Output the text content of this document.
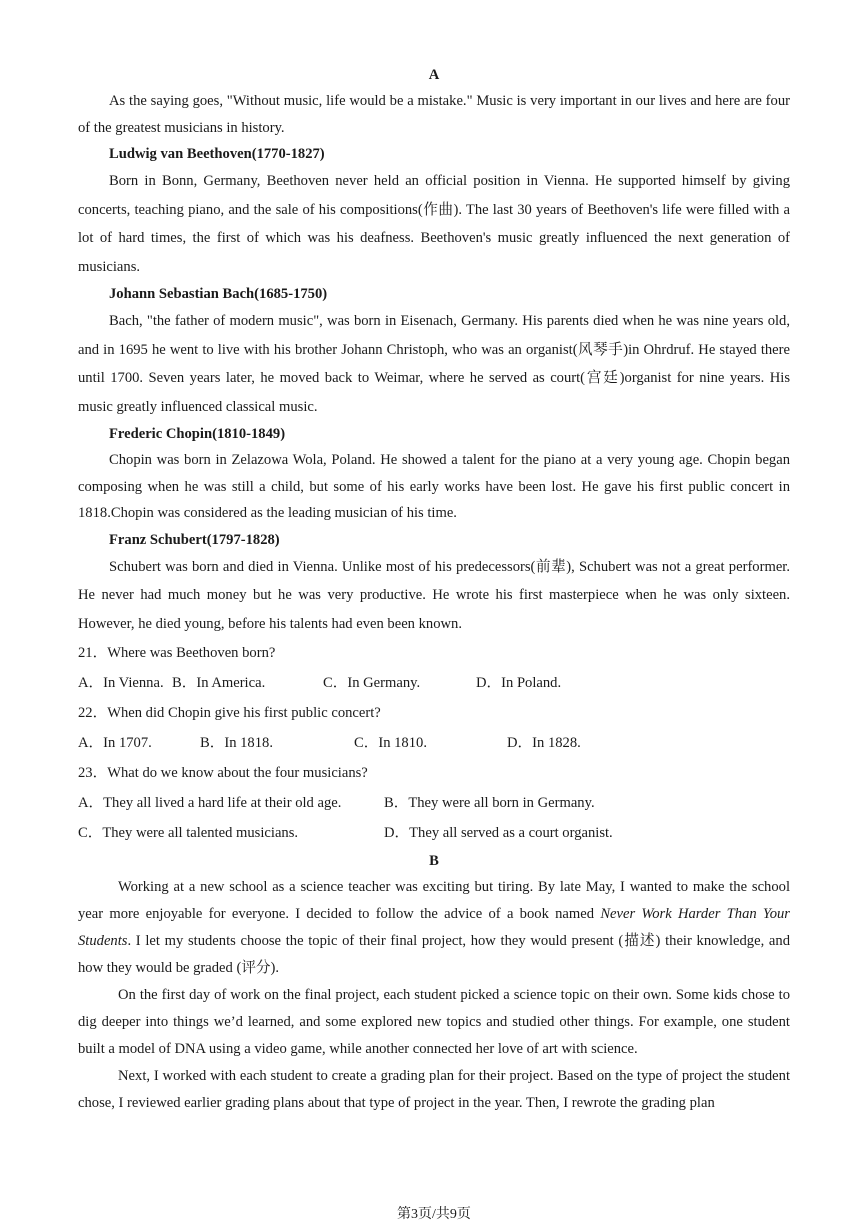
A

As the saying goes, "Without music, life would be a mistake." Music is very important in our lives and here are four of the greatest musicians in history.

Ludwig van Beethoven(1770-1827)

Born in Bonn, Germany, Beethoven never held an official position in Vienna. He supported himself by giving concerts, teaching piano, and the sale of his compositions(作曲). The last 30 years of Beethoven's life were filled with a lot of hard times, the first of which was his deafness. Beethoven's music greatly influenced the next generation of musicians.

Johann Sebastian Bach(1685-1750)

Bach, "the father of modern music", was born in Eisenach, Germany. His parents died when he was nine years old, and in 1695 he went to live with his brother Johann Christoph, who was an organist(风琴手)in Ohrdruf. He stayed there until 1700. Seven years later, he moved back to Weimar, where he served as court(宫廷)organist for nine years. His music greatly influenced classical music.

Frederic Chopin(1810-1849)

Chopin was born in Zelazowa Wola, Poland. He showed a talent for the piano at a very young age. Chopin began composing when he was still a child, but some of his early works have been lost. He gave his first public concert in 1818.Chopin was considered as the leading musician of his time.

Franz Schubert(1797-1828)

Schubert was born and died in Vienna. Unlike most of his predecessors(前辈), Schubert was not a great performer. He never had much money but he was very productive. He wrote his first masterpiece when he was only sixteen. However, he died young, before his talents had even been known.

21．Where was Beethoven born?

A．In Vienna. B．In America.	C．In Germany.	D．In Poland.

22．When did Chopin give his first public concert?

A．In 1707.	B．In 1818.	C．In 1810.	D．In 1828.

23．What do we know about the four musicians?

A．They all lived a hard life at their old age.	B．They were all born in Germany.
C．They were all talented musicians.	D．They all served as a court organist.

B

Working at a new school as a science teacher was exciting but tiring. By late May, I wanted to make the school year more enjoyable for everyone. I decided to follow the advice of a book named Never Work Harder Than Your Students. I let my students choose the topic of their final project, how they would present (描述) their knowledge, and how they would be graded (评分).

On the first day of work on the final project, each student picked a science topic on their own. Some kids chose to dig deeper into things we’d learned, and some explored new topics and studied other things. For example, one student built a model of DNA using a video game, while another connected her love of art with science.

Next, I worked with each student to create a grading plan for their project. Based on the type of project the student chose, I reviewed earlier grading plans about that type of project in the year. Then, I rewrote the grading plan

第3页/共9页
